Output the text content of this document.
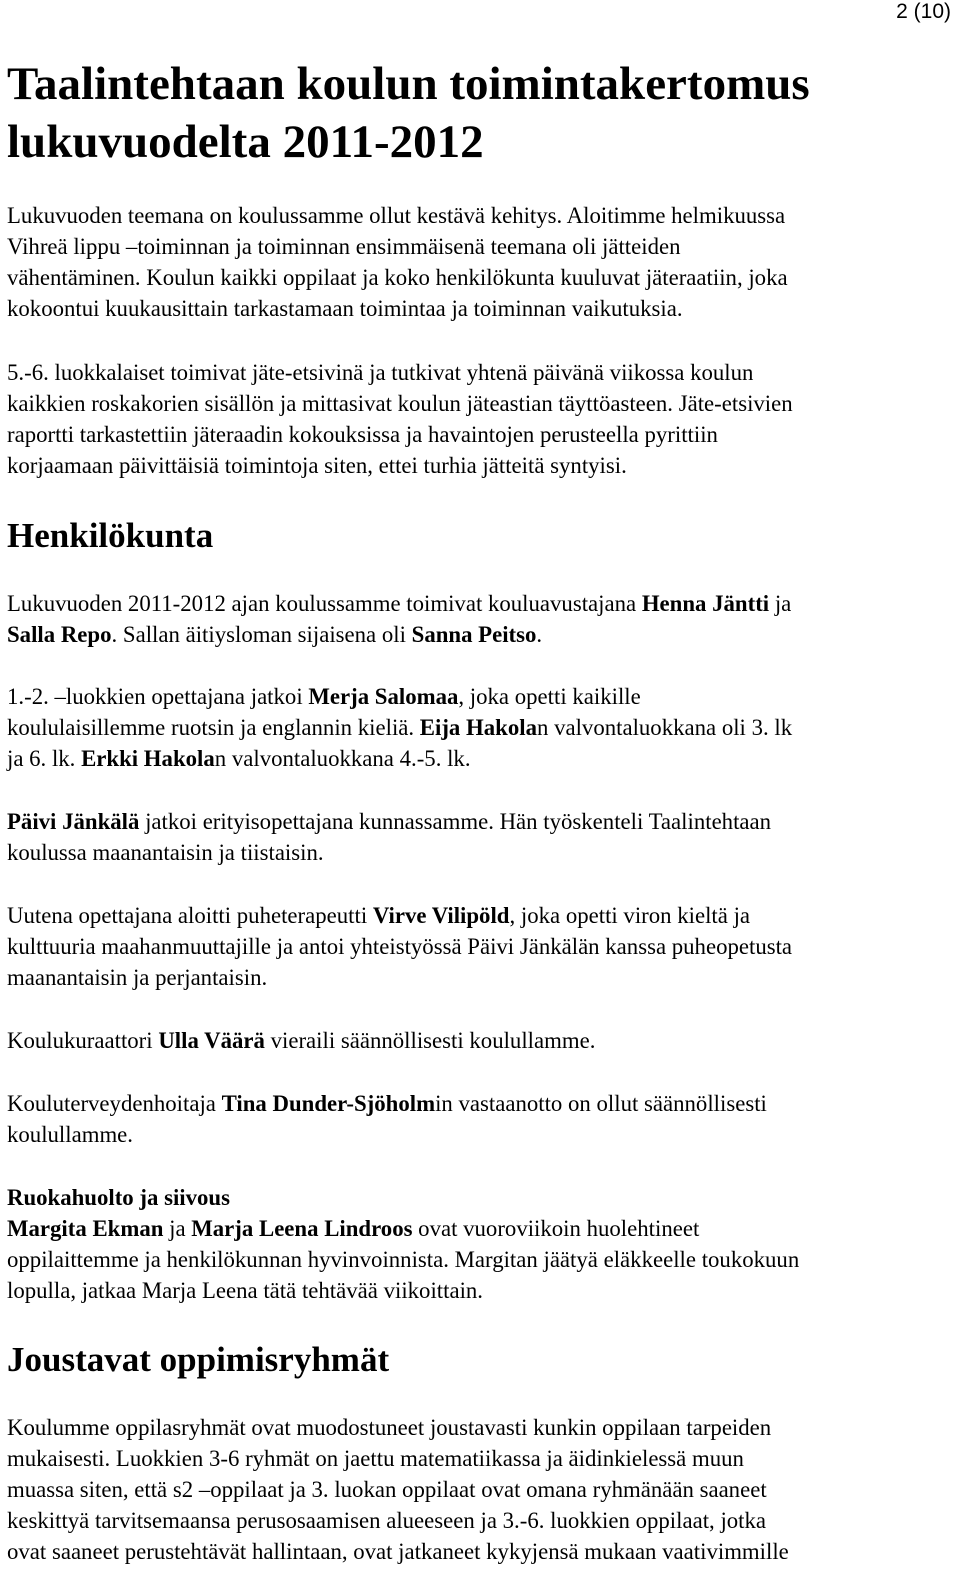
2 (10)
Taalintehtaan koulun toimintakertomus
lukuvuodelta 2011-2012

Lukuvuoden teemana on koulussamme ollut kestävä kehitys. Aloitimme helmikuussa
Vihreä lippu –toiminnan ja toiminnan ensimmäisenä teemana oli jätteiden
vähentäminen. Koulun kaikki oppilaat ja koko henkilökunta kuuluvat jäteraatiin, joka
kokoontui kuukausittain tarkastamaan toimintaa ja toiminnan vaikutuksia.

5.-6. luokkalaiset toimivat jäte-etsivinä ja tutkivat yhtenä päivänä viikossa koulun
kaikkien roskakorien sisällön ja mittasivat koulun jäteastian täyttöasteen. Jäte-etsivien
raportti tarkastettiin jäteraadin kokouksissa ja havaintojen perusteella pyrittiin
korjaamaan päivittäisiä toimintoja siten, ettei turhia jätteitä syntyisi.

Henkilökunta

Lukuvuoden 2011-2012 ajan koulussamme toimivat kouluavustajana Henna Jäntti ja
Salla Repo. Sallan äitiysloman sijaisena oli Sanna Peitso.

1.-2. –luokkien opettajana jatkoi Merja Salomaa, joka opetti kaikille
koululaisillemme ruotsin ja englannin kieliä. Eija Hakolan valvontaluokkana oli 3. lk
ja 6. lk. Erkki Hakolan valvontaluokkana 4.-5. lk.

Päivi Jänkälä jatkoi erityisopettajana kunnassamme. Hän työskenteli Taalintehtaan
koulussa maanantaisin ja tiistaisin.

Uutena opettajana aloitti puheterapeutti Virve Vilipöld, joka opetti viron kieltä ja
kulttuuria maahanmuuttajille ja antoi yhteistyössä Päivi Jänkälän kanssa puheopetusta
maanantaisin ja perjantaisin.

Koulukuraattori Ulla Väärä vieraili säännöllisesti koulullamme.

Kouluterveydenhoitaja Tina Dunder-Sjöholmin vastaanotto on ollut säännöllisesti
koulullamme.

Ruokahuolto ja siivous
Margita Ekman ja Marja Leena Lindroos ovat vuoroviikoin huolehtineet
oppilaittemme ja henkilökunnan hyvinvoinnista. Margitan jäätyä eläkkeelle toukokuun
lopulla, jatkaa Marja Leena tätä tehtävää viikoittain.

Joustavat oppimisryhmät

Koulumme oppilasryhmät ovat muodostuneet joustavasti kunkin oppilaan tarpeiden
mukaisesti. Luokkien 3-6 ryhmät on jaettu matematiikassa ja äidinkielessä muun
muassa siten, että s2 –oppilaat ja 3. luokan oppilaat ovat omana ryhmänään saaneet
keskittyä tarvitsemaansa perusosaamisen alueeseen ja 3.-6. luokkien oppilaat, jotka
ovat saaneet perustehtävät hallintaan, ovat jatkaneet kykyjensä mukaan vaativimmille
